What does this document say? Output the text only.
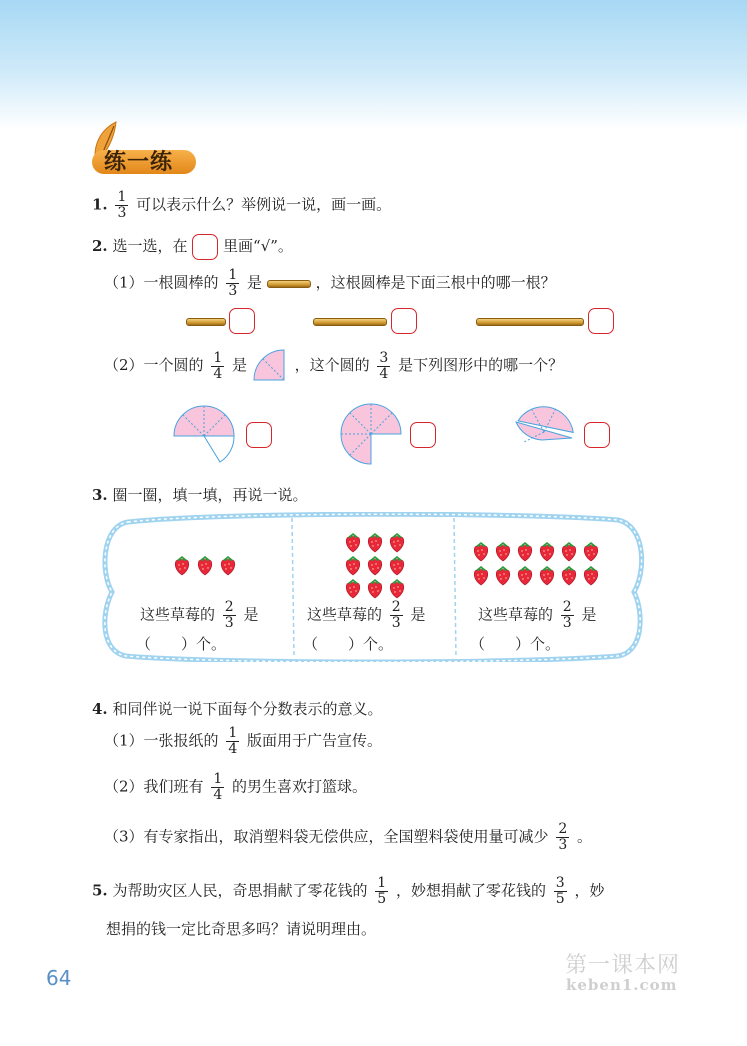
练一练
1. $\frac{1}{3}$ 可以表示什么？举例说一说，画一画。
2. 选一选，在 里画“√”。
（1）一根圆棒的 $\frac{1}{3}$ 是	，这根圆棒是下面三根中的哪一根？
（2）一个圆的 $\frac{1}{4}$ 是	，这个圆的 $\frac{3}{4}$ 是下列图形中的哪一个？
3. 圈一圈，填一填，再说一说。
这些草莓的 $\frac{2}{3}$ 是
（　　）个。
这些草莓的 $\frac{2}{3}$ 是
（　　）个。
这些草莓的 $\frac{2}{3}$ 是
（　　）个。
4. 和同伴说一说下面每个分数表示的意义。
（1）一张报纸的 $\frac{1}{4}$ 版面用于广告宣传。
（2）我们班有 $\frac{1}{4}$ 的男生喜欢打篮球。
（3）有专家指出，取消塑料袋无偿供应，全国塑料袋使用量可减少 $\frac{2}{3}$ 。
5. 为帮助灾区人民，奇思捐献了零花钱的 $\frac{1}{5}$ ，妙想捐献了零花钱的 $\frac{3}{5}$ ，妙
想捐的钱一定比奇思多吗？请说明理由。
64	第一课本网
keben1.com
